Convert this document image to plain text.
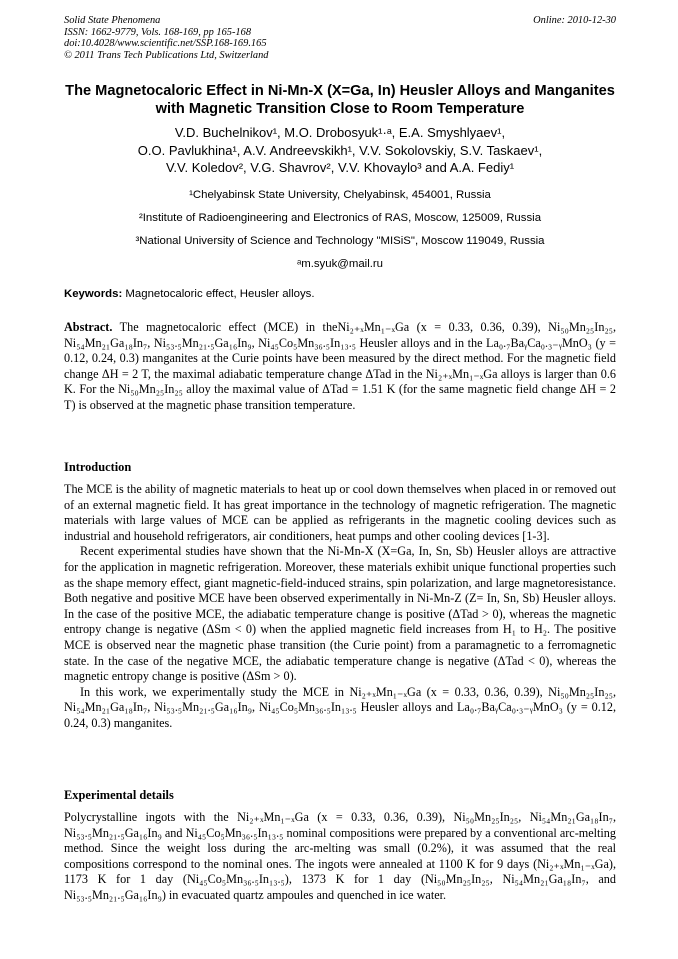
Solid State Phenomena
ISSN: 1662-9779, Vols. 168-169, pp 165-168
doi:10.4028/www.scientific.net/SSP.168-169.165
© 2011 Trans Tech Publications Ltd, Switzerland
Online: 2010-12-30
The Magnetocaloric Effect in Ni-Mn-X (X=Ga, In) Heusler Alloys and Manganites with Magnetic Transition Close to Room Temperature
V.D. Buchelnikov¹, M.O. Drobosyuk¹·ᵃ, E.A. Smyshlyaev¹,
O.O. Pavlukhina¹, A.V. Andreevskikh¹, V.V. Sokolovskiy, S.V. Taskaev¹,
V.V. Koledov², V.G. Shavrov², V.V. Khovaylo³ and A.A. Fediy¹
¹Chelyabinsk State University, Chelyabinsk, 454001, Russia
²Institute of Radioengineering and Electronics of RAS, Moscow, 125009, Russia
³National University of Science and Technology "MISiS", Moscow 119049, Russia
ᵃm.syuk@mail.ru
Keywords: Magnetocaloric effect, Heusler alloys.
Abstract. The magnetocaloric effect (MCE) in theNi₂₊ₓMn₁₋ₓGa (x = 0.33, 0.36, 0.39), Ni₅₀Mn₂₅In₂₅, Ni₅₄Mn₂₁Ga₁₈In₇, Ni₅₃.₅Mn₂₁.₅Ga₁₆In₉, Ni₄₅Co₅Mn₃₆.₅In₁₃.₅ Heusler alloys and in the La₀.₇BaᵧCa₀.₃₋ᵧMnO₃ (y = 0.12, 0.24, 0.3) manganites at the Curie points have been measured by the direct method. For the magnetic field change ΔH = 2 T, the maximal adiabatic temperature change ΔTad in the Ni₂₊ₓMn₁₋ₓGa alloys is larger than 0.6 K. For the Ni₅₀Mn₂₅In₂₅ alloy the maximal value of ΔTad = 1.51 K (for the same magnetic field change ΔH = 2 T) is observed at the magnetic phase transition temperature.
Introduction

The MCE is the ability of magnetic materials to heat up or cool down themselves when placed in or removed out of an external magnetic field. It has great importance in the technology of magnetic refrigeration. The magnetic materials with large values of MCE can be applied as refrigerants in the magnetic cooling devices such as industrial and household refrigerators, air conditioners, heat pumps and other cooling devices [1-3].

Recent experimental studies have shown that the Ni-Mn-X (X=Ga, In, Sn, Sb) Heusler alloys are attractive for the application in magnetic refrigeration. Moreover, these materials exhibit unique functional properties such as the shape memory effect, giant magnetic-field-induced strains, spin polarization, and large magnetoresistance. Both negative and positive MCE have been observed experimentally in Ni-Mn-Z (Z= In, Sn, Sb) Heusler alloys. In the case of the positive MCE, the adiabatic temperature change is positive (ΔTad > 0), whereas the magnetic entropy change is negative (ΔSm < 0) when the applied magnetic field increases from H₁ to H₂. The positive MCE is observed near the magnetic phase transition (the Curie point) from a paramagnetic to a ferromagnetic state. In the case of the negative MCE, the adiabatic temperature change is negative (ΔTad < 0), whereas the magnetic entropy change is positive (ΔSm > 0).

In this work, we experimentally study the MCE in Ni₂₊ₓMn₁₋ₓGa (x = 0.33, 0.36, 0.39), Ni₅₀Mn₂₅In₂₅, Ni₅₄Mn₂₁Ga₁₈In₇, Ni₅₃.₅Mn₂₁.₅Ga₁₆In₉, Ni₄₅Co₅Mn₃₆.₅In₁₃.₅ Heusler alloys and La₀.₇BaᵧCa₀.₃₋ᵧMnO₃ (y = 0.12, 0.24, 0.3) manganites.

Experimental details

Polycrystalline ingots with the Ni₂₊ₓMn₁₋ₓGa (x = 0.33, 0.36, 0.39), Ni₅₀Mn₂₅In₂₅, Ni₅₄Mn₂₁Ga₁₈In₇, Ni₅₃.₅Mn₂₁.₅Ga₁₆In₉ and Ni₄₅Co₅Mn₃₆.₅In₁₃.₅ nominal compositions were prepared by a conventional arc-melting method. Since the weight loss during the arc-melting was small (0.2%), it was assumed that the real compositions correspond to the nominal ones. The ingots were annealed at 1100 K for 9 days (Ni₂₊ₓMn₁₋ₓGa), 1173 K for 1 day (Ni₄₅Co₅Mn₃₆.₅In₁₃.₅), 1373 K for 1 day (Ni₅₀Mn₂₅In₂₅, Ni₅₄Mn₂₁Ga₁₈In₇, and Ni₅₃.₅Mn₂₁.₅Ga₁₆In₉) in evacuated quartz ampoules and quenched in ice water.
